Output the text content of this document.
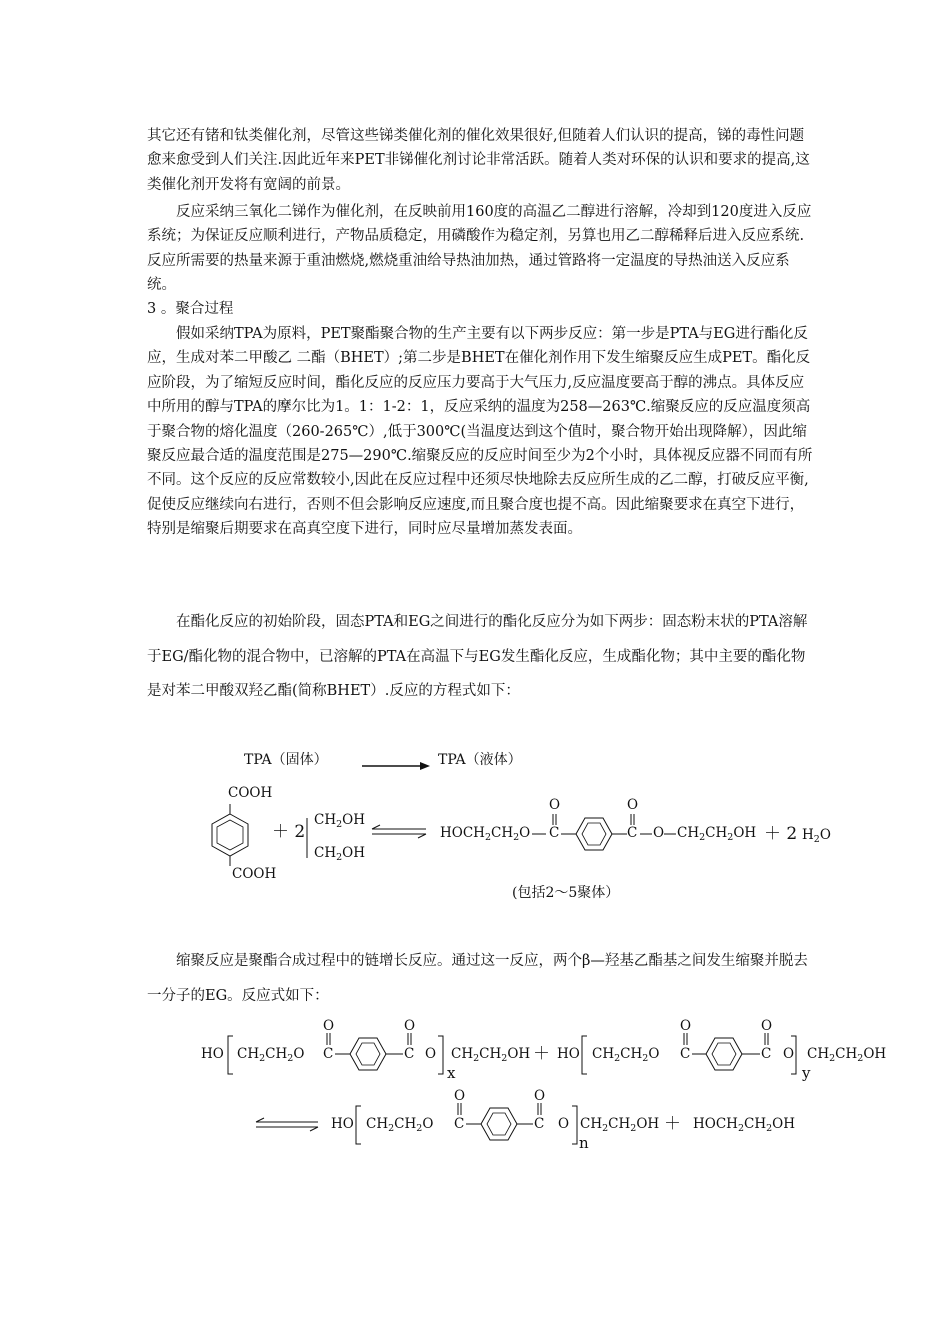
其它还有锗和钛类催化剂，尽管这些锑类催化剂的催化效果很好,但随着人们认识的提高，锑的毒性问题愈来愈受到人们关注.因此近年来PET非锑催化剂讨论非常活跃。随着人类对环保的认识和要求的提高,这类催化剂开发将有宽阔的前景。

反应采纳三氧化二锑作为催化剂，在反映前用160度的高温乙二醇进行溶解，冷却到120度进入反应系统；为保证反应顺利进行，产物品质稳定，用磷酸作为稳定剂，另算也用乙二醇稀释后进入反应系统.反应所需要的热量来源于重油燃烧,燃烧重油给导热油加热，通过管路将一定温度的导热油送入反应系统。

3 。聚合过程

假如采纳TPA为原料，PET聚酯聚合物的生产主要有以下两步反应：第一步是PTA与EG进行酯化反应，生成对苯二甲酸乙 二酯（BHET）;第二步是BHET在催化剂作用下发生缩聚反应生成PET。酯化反应阶段，为了缩短反应时间，酯化反应的反应压力要高于大气压力,反应温度要高于醇的沸点。具体反应中所用的醇与TPA的摩尔比为1。1：1-2：1，反应采纳的温度为258—263℃.缩聚反应的反应温度须高于聚合物的熔化温度（260-265℃）,低于300℃(当温度达到这个值时，聚合物开始出现降解），因此缩聚反应最合适的温度范围是275—290℃.缩聚反应的反应时间至少为2个小时，具体视反应器不同而有所不同。这个反应的反应常数较小,因此在反应过程中还须尽快地除去反应所生成的乙二醇，打破反应平衡,促使反应继续向右进行，否则不但会影响反应速度,而且聚合度也提不高。因此缩聚要求在真空下进行，特别是缩聚后期要求在高真空度下进行，同时应尽量增加蒸发表面。

在酯化反应的初始阶段，固态PTA和EG之间进行的酯化反应分为如下两步：固态粉末状的PTA溶解于EG/酯化物的混合物中，已溶解的PTA在高温下与EG发生酯化反应，生成酯化物；其中主要的酯化物是对苯二甲酸双羟乙酯(简称BHET）.反应的方程式如下：

缩聚反应是聚酯合成过程中的链增长反应。通过这一反应，两个β—羟基乙酯基之间发生缩聚并脱去一分子的EG。反应式如下：

TPA（固体）	TPA（液体）
COOH
COOH
＋ 2
$CH_2OH$
$CH_2OH$
$HOCH_2CH_2O$
O
C
O
C O $CH_2CH_2OH + 2$ $H_2O$
(包括2～5聚体）
HO $CH_2CH_2O$
O
C
O
C O $CH_2CH_2OH$
x
＋ HO $CH_2CH_2O$
O
C
O
C O $CH_2CH_2OH$
y
HO $CH_2CH_2O$
O
C
O
C O $CH_2CH_2OH$
n
＋ $HOCH_2CH_2OH$
